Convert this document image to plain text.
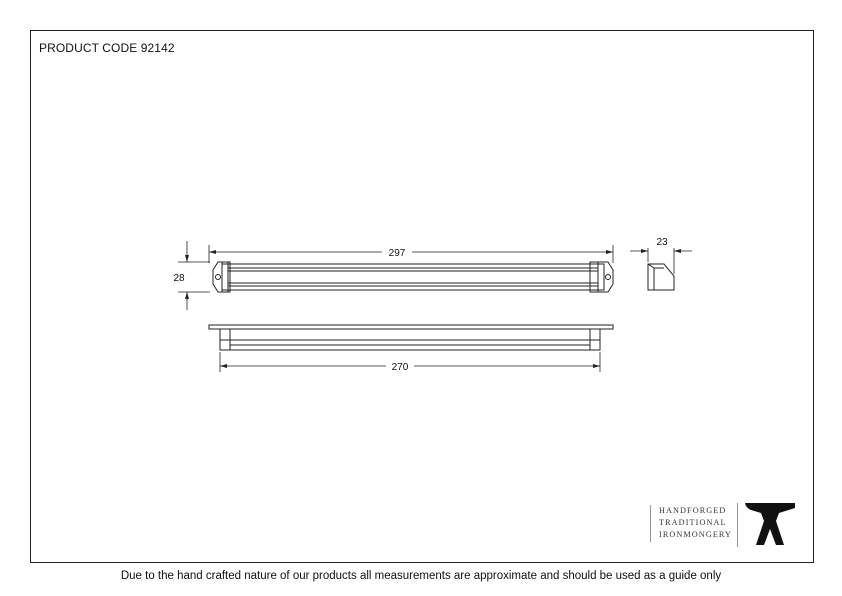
PRODUCT CODE 92142
297
28
270
23
HANDFORGED
TRADITIONAL
IRONMONGERY
Due to the hand crafted nature of our products all measurements are approximate and should be used as a guide only
